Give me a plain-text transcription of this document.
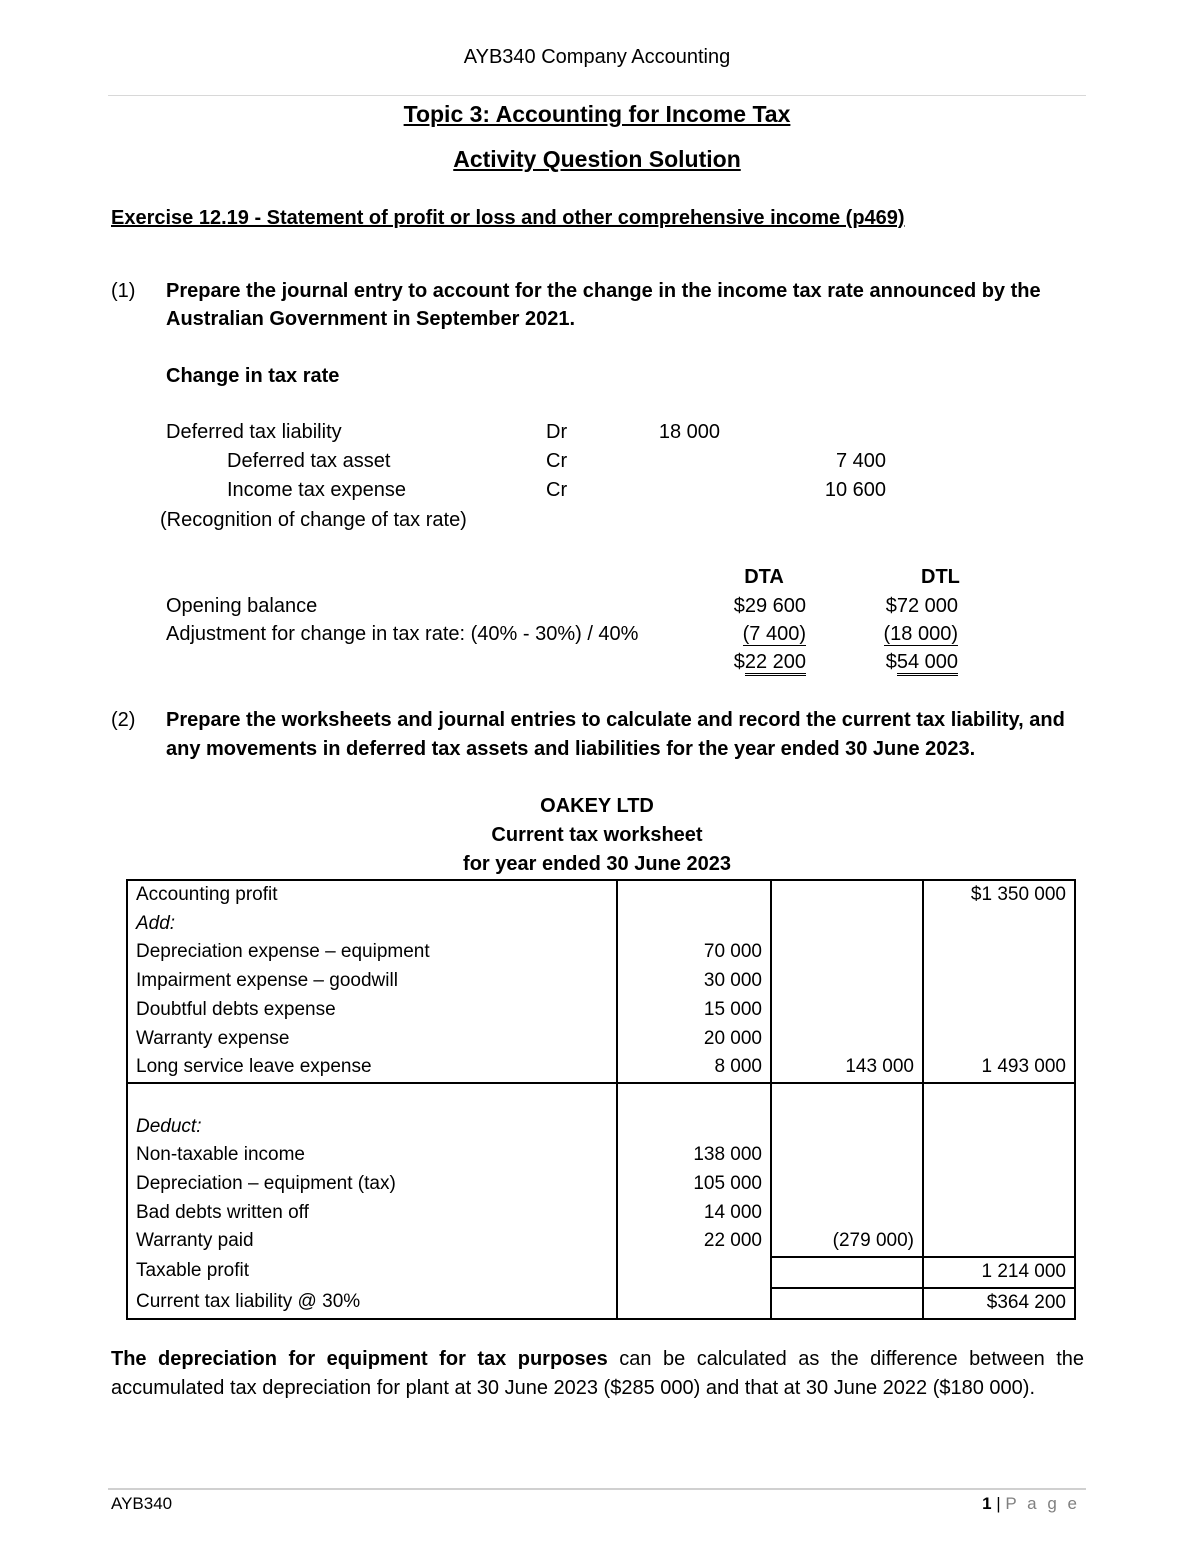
AYB340 Company Accounting
Topic 3: Accounting for Income Tax
Activity Question Solution
Exercise 12.19 - Statement of profit or loss and other comprehensive income (p469)
(1) Prepare the journal entry to account for the change in the income tax rate announced by the
Australian Government in September 2021.
Change in tax rate
Deferred tax liability	Dr	18 000
Deferred tax asset	Cr	7 400
Income tax expense	Cr	10 600
(Recognition of change of tax rate)
DTA	DTL
Opening balance	$29 600	$72 000
Adjustment for change in tax rate: (40% - 30%) / 40%	(7 400)	(18 000)
$22 200	$54 000
(2) Prepare the worksheets and journal entries to calculate and record the current tax liability, and
any movements in deferred tax assets and liabilities for the year ended 30 June 2023.
OAKEY LTD
Current tax worksheet
for year ended 30 June 2023
Accounting profit			$1 350 000
Add:			
Depreciation expense – equipment	70 000		
Impairment expense – goodwill	30 000		
Doubtful debts expense	15 000		
Warranty expense	20 000		
Long service leave expense	8 000	143 000	1 493 000

Deduct:			
Non-taxable income	138 000		
Depreciation – equipment (tax)	105 000		
Bad debts written off	14 000		
Warranty paid	22 000	(279 000)	
Taxable profit			1 214 000
Current tax liability @ 30%			$364 200
The depreciation for equipment for tax purposes can be calculated as the difference between the accumulated tax depreciation for plant at 30 June 2023 ($285 000) and that at 30 June 2022 ($180 000).
AYB340	1 | P a g e
